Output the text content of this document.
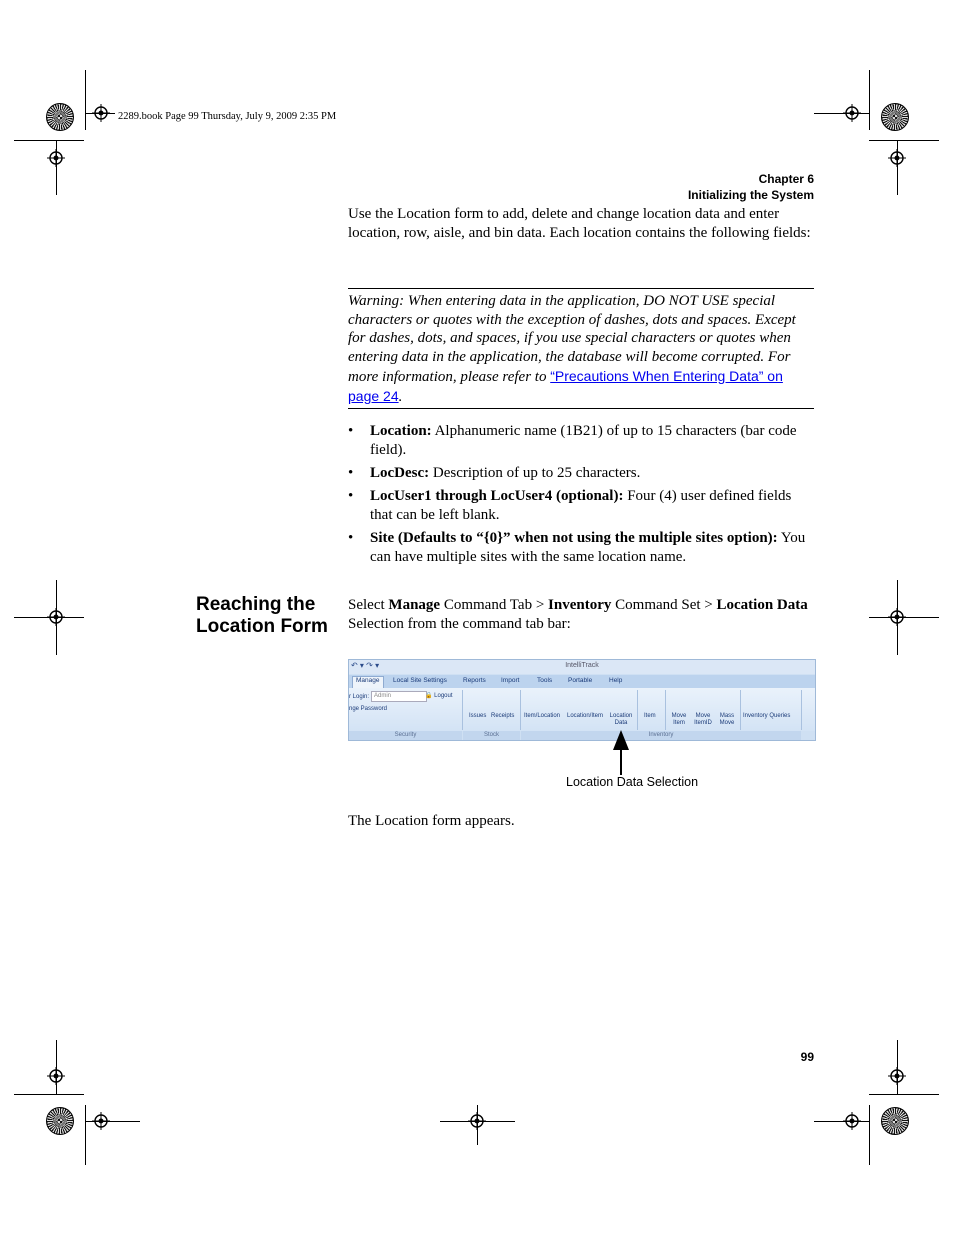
2289.book Page 99 Thursday, July 9, 2009 2:35 PM
Chapter 6
Initializing the System
Use the Location form to add, delete and change location data and enter location, row, aisle, and bin data. Each location contains the following fields:
Warning: When entering data in the application, DO NOT USE special characters or quotes with the exception of dashes, dots and spaces. Except for dashes, dots, and spaces, if you use special characters or quotes when entering data in the application, the database will become corrupted. For more information, please refer to “Precautions When Entering Data” on page 24.
• Location: Alphanumeric name (1B21) of up to 15 characters (bar code field).
• LocDesc: Description of up to 25 characters.
• LocUser1 through LocUser4 (optional): Four (4) user defined fields that can be left blank.
• Site (Defaults to “{0}” when not using the multiple sites option): You can have multiple sites with the same location name.
Reaching the Location Form
Select Manage Command Tab > Inventory Command Set > Location Data Selection from the command tab bar:
↶ ▾ ↷ ▾	IntelliTrack
Manage	Local Site Settings Reports Import	Tools Portable	Help
r Login: Admin	🔒 Logout
nge Password
Issues Receipts Item/Location Location/Item	Location Data
Item	Move Item
Move ItemID
Mass Move
Inventory Queries
Security	Stock	Inventory
Location Data Selection
The Location form appears.
99
